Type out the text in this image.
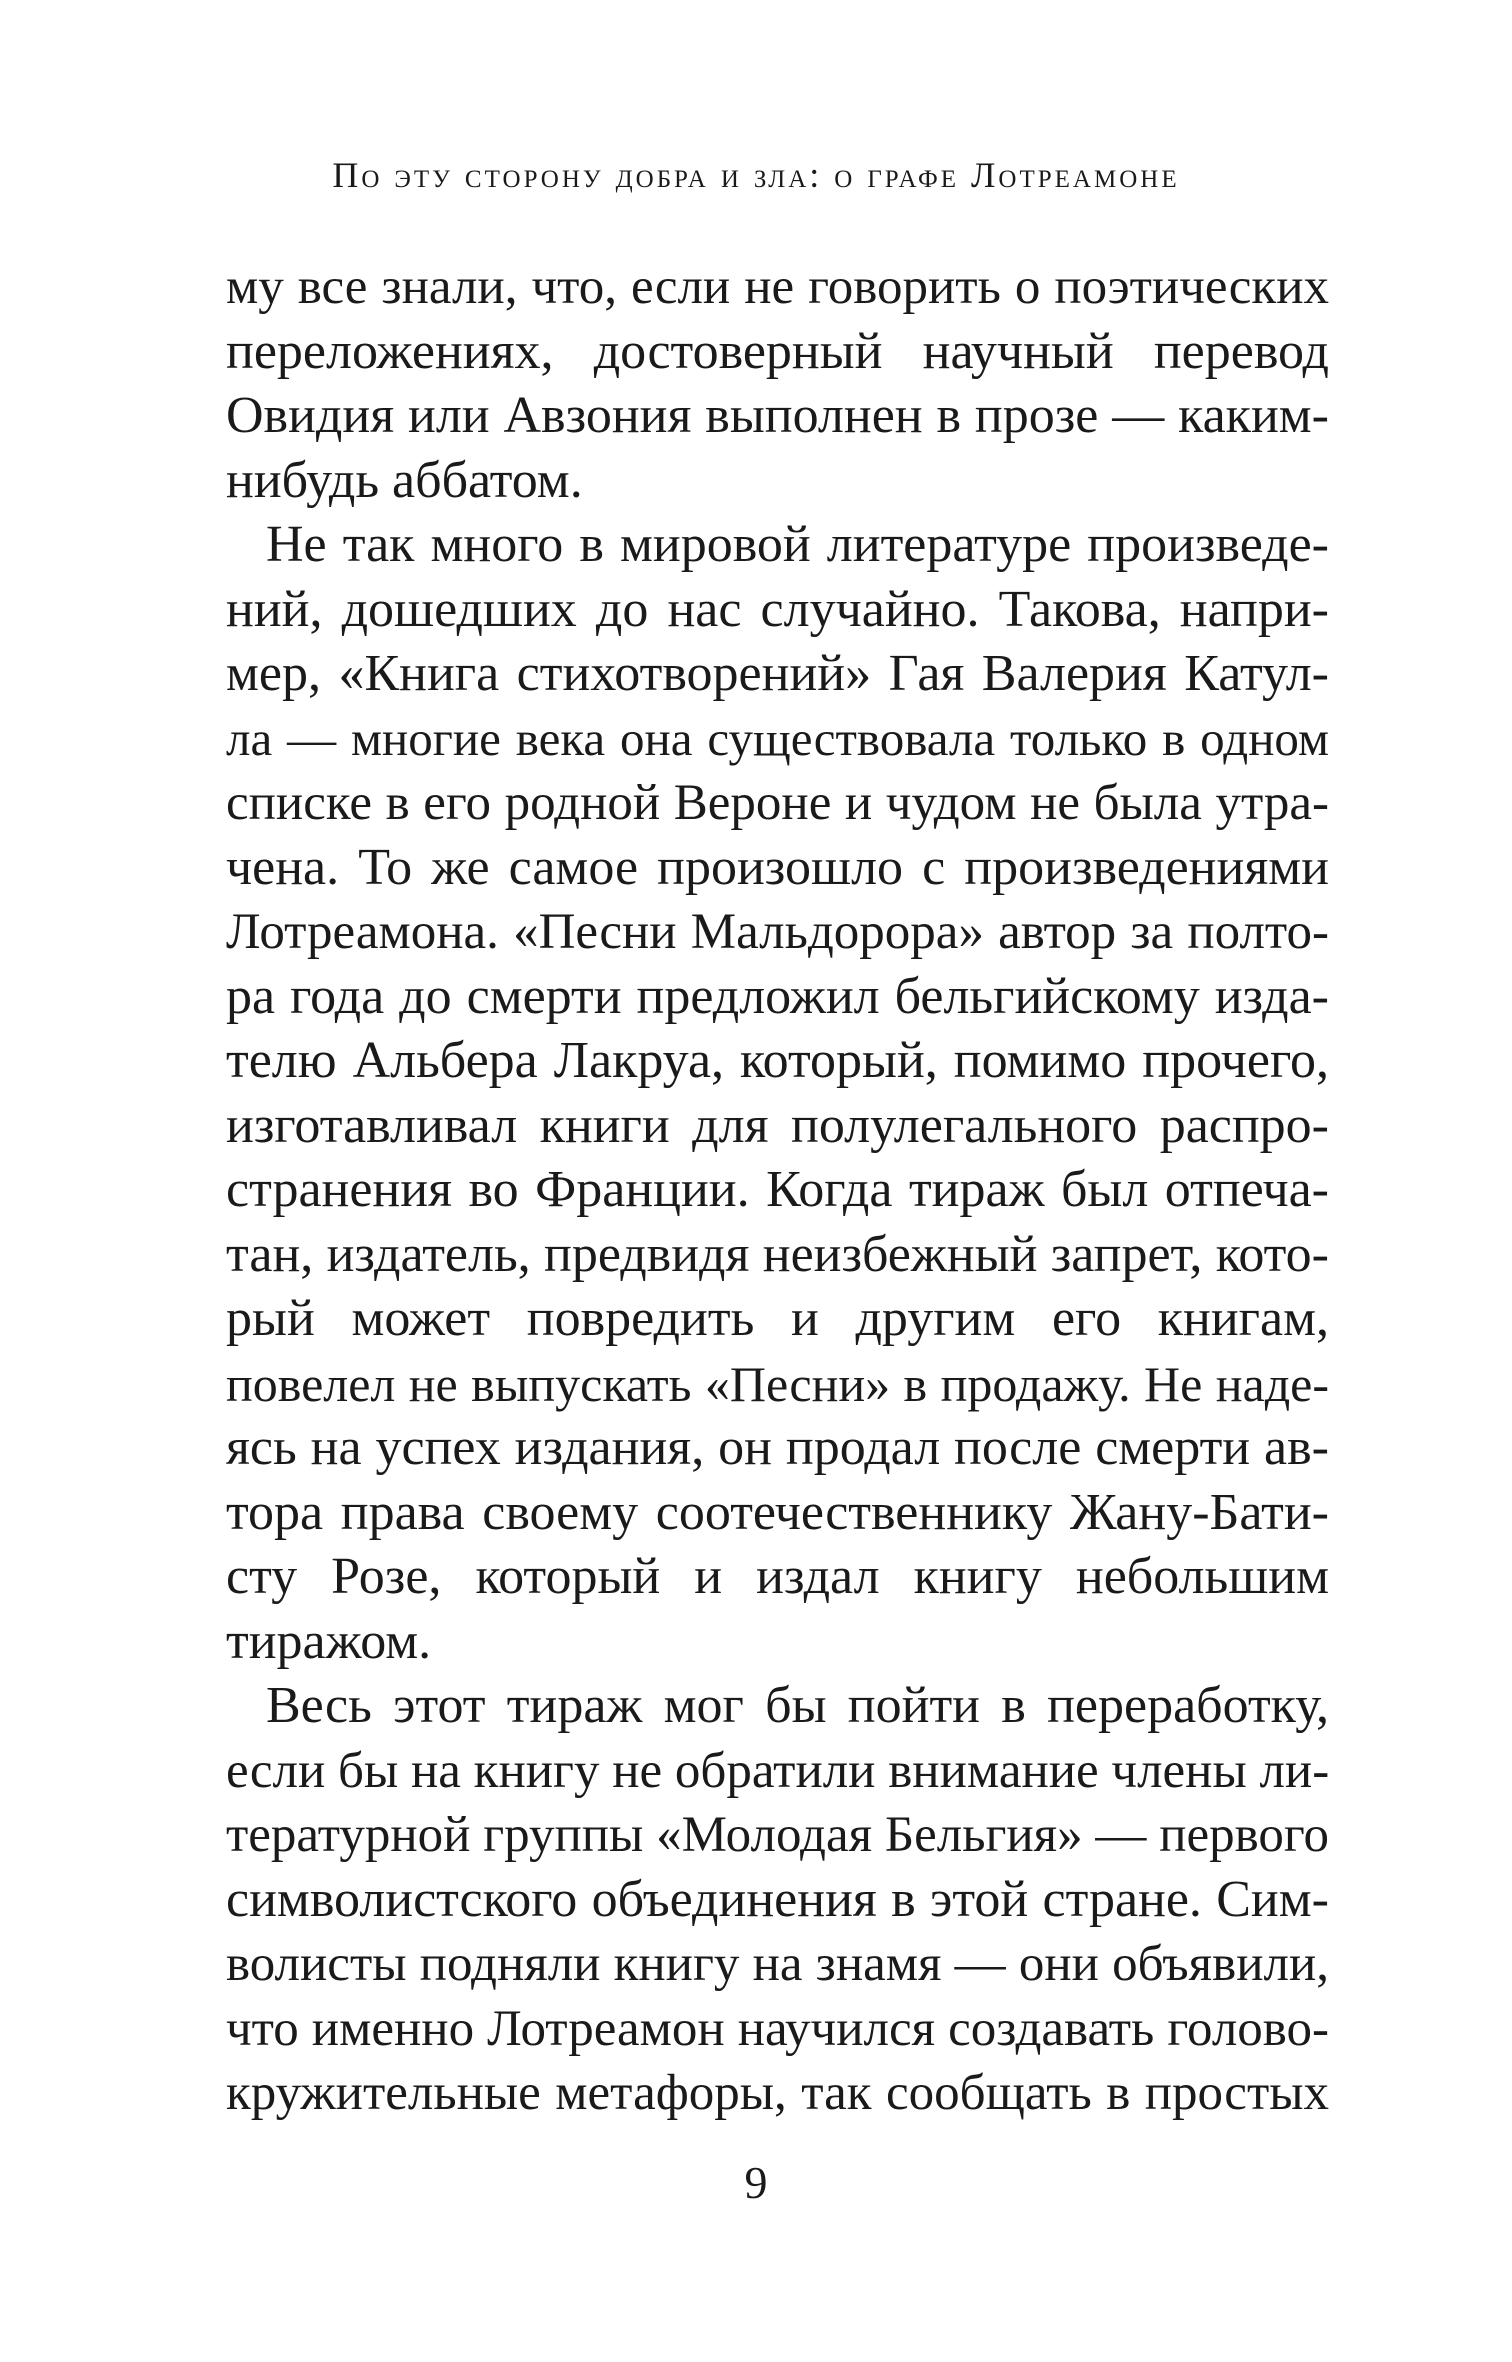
По эту сторону добра и зла: о графе Лотреамоне
му все знали, что, если не говорить о поэтических
переложениях, достоверный научный перевод
Овидия или Авзония выполнен в прозе — каким-
нибудь аббатом.
Не так много в мировой литературе произведе-
ний, дошедших до нас случайно. Такова, напри-
мер, «Книга стихотворений» Гая Валерия Катул-
ла — многие века она существовала только в одном
списке в его родной Вероне и чудом не была утра-
чена. То же самое произошло с произведениями
Лотреамона. «Песни Мальдорора» автор за полто-
ра года до смерти предложил бельгийскому изда-
телю Альбера Лакруа, который, помимо прочего,
изготавливал книги для полулегального распро-
странения во Франции. Когда тираж был отпеча-
тан, издатель, предвидя неизбежный запрет, кото-
рый может повредить и другим его книгам,
повелел не выпускать «Песни» в продажу. Не наде-
ясь на успех издания, он продал после смерти ав-
тора права своему соотечественнику Жану-Бати-
сту Розе, который и издал книгу небольшим
тиражом.
Весь этот тираж мог бы пойти в переработку,
если бы на книгу не обратили внимание члены ли-
тературной группы «Молодая Бельгия» — первого
символистского объединения в этой стране. Сим-
волисты подняли книгу на знамя — они объявили,
что именно Лотреамон научился создавать голово-
кружительные метафоры, так сообщать в простых
9
